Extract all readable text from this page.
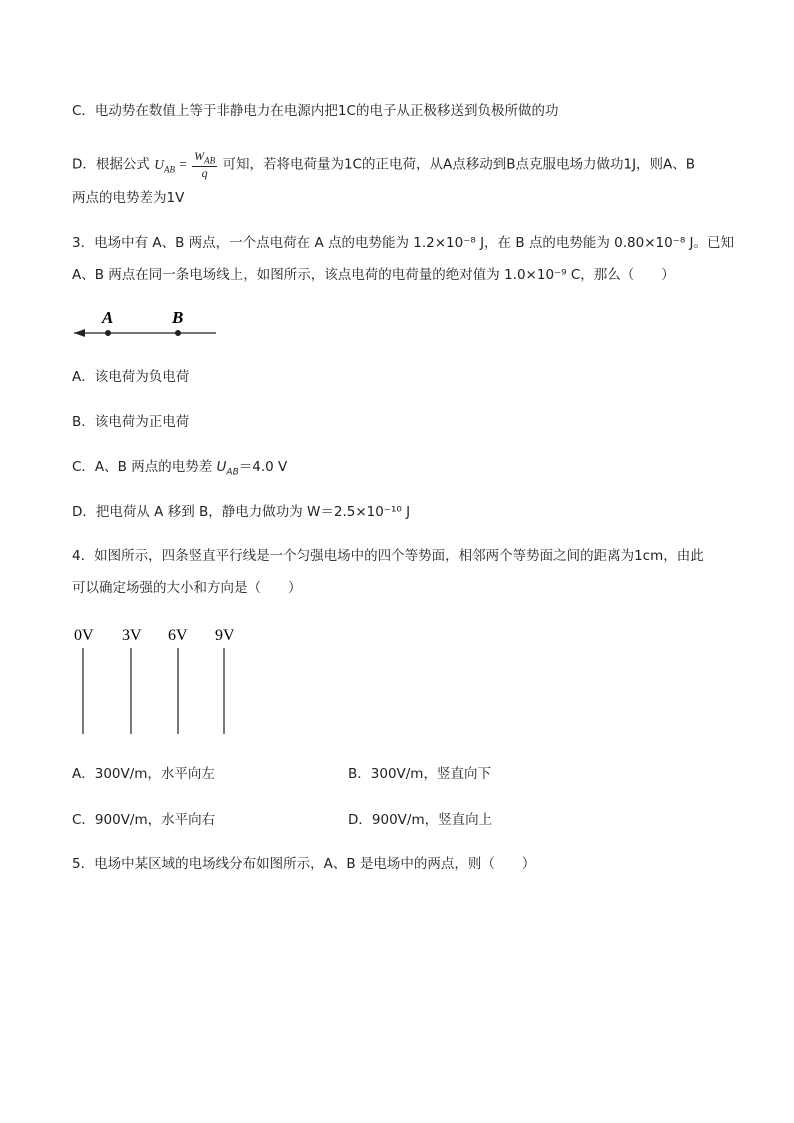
C．电动势在数值上等于非静电力在电源内把1C的电子从正极移送到负极所做的功
D．根据公式 $U_{AB} = \frac{W_{AB}}{q}$ 可知，若将电荷量为1C的正电荷，从A点移动到B点克服电场力做功1J，则A、B
两点的电势差为1V
3．电场中有 A、B 两点，一个点电荷在 A 点的电势能为 1.2×10⁻⁸ J，在 B 点的电势能为 0.80×10⁻⁸ J。已知
A、B 两点在同一条电场线上，如图所示，该点电荷的电荷量的绝对值为 1.0×10⁻⁹ C，那么（　　）
A	B
A．该电荷为负电荷
B．该电荷为正电荷
C．A、B 两点的电势差 $U_{AB}=4.0$ V
D．把电荷从 A 移到 B，静电力做功为 W＝2.5×10⁻¹⁰ J
4．如图所示，四条竖直平行线是一个匀强电场中的四个等势面，相邻两个等势面之间的距离为1cm，由此
可以确定场强的大小和方向是（　　）
0V 3V 6V 9V
A．300V/m，水平向左	B．300V/m，竖直向下
C．900V/m，水平向右	D．900V/m，竖直向上
5．电场中某区域的电场线分布如图所示，A、B 是电场中的两点，则（　　）
